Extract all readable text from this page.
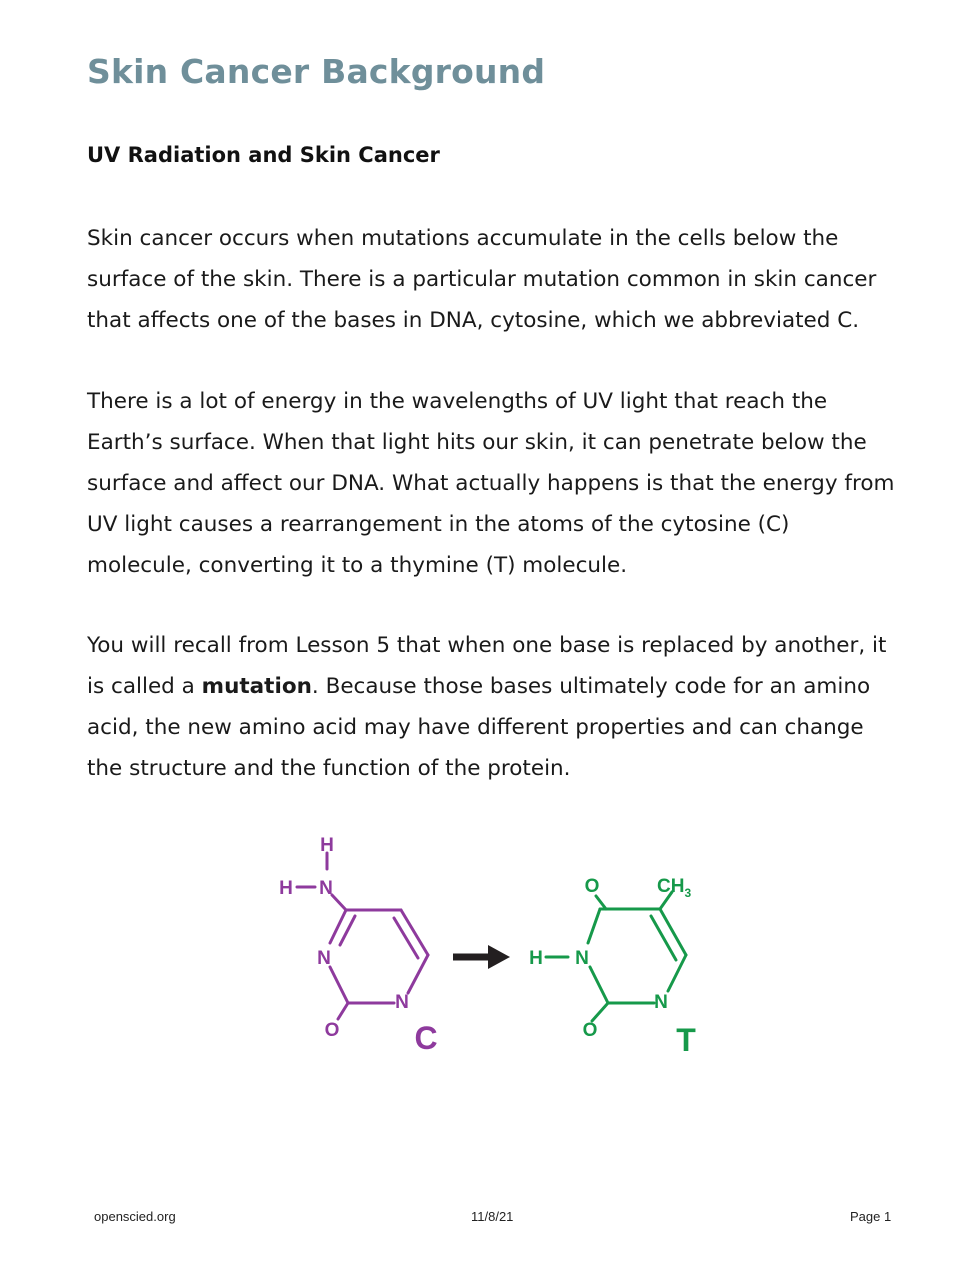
Skin Cancer Background
UV Radiation and Skin Cancer

Skin cancer occurs when mutations accumulate in the cells below the surface of the skin. There is a particular mutation common in skin cancer that affects one of the bases in DNA, cytosine, which we abbreviated C.

There is a lot of energy in the wavelengths of UV light that reach the Earth’s surface. When that light hits our skin, it can penetrate below the surface and affect our DNA. What actually happens is that the energy from UV light causes a rearrangement in the atoms of the cytosine (C) molecule, converting it to a thymine (T) molecule.

You will recall from Lesson 5 that when one base is replaced by another, it is called a mutation. Because those bases ultimately code for an amino acid, the new amino acid may have different properties and can change the structure and the function of the protein.

H
H N
N
N
O C
O	$CH_3$
H N
N
O T
openscied.org	11/8/21	Page 1
